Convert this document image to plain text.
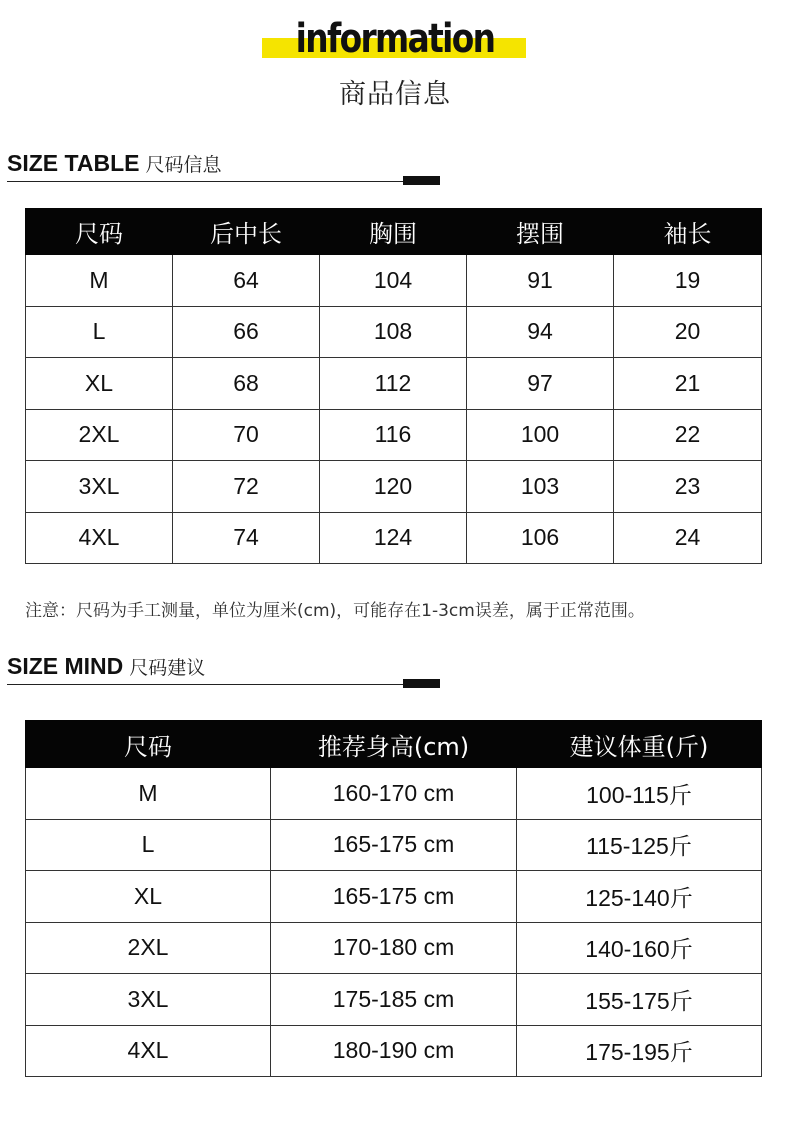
information
商品信息
SIZE TABLE 尺码信息
尺码	后中长	胸围	摆围	袖长
M	64	104	91	19
L	66	108	94	20
XL	68	112	97	21
2XL	70	116	100	22
3XL	72	120	103	23
4XL	74	124	106	24
注意：尺码为手工测量，单位为厘米(cm)，可能存在1-3cm误差，属于正常范围。
SIZE MIND 尺码建议
尺码	推荐身高(cm)	建议体重(斤)
M	160-170 cm	100-115斤
L	165-175 cm	115-125斤
XL	165-175 cm	125-140斤
2XL	170-180 cm	140-160斤
3XL	175-185 cm	155-175斤
4XL	180-190 cm	175-195斤
